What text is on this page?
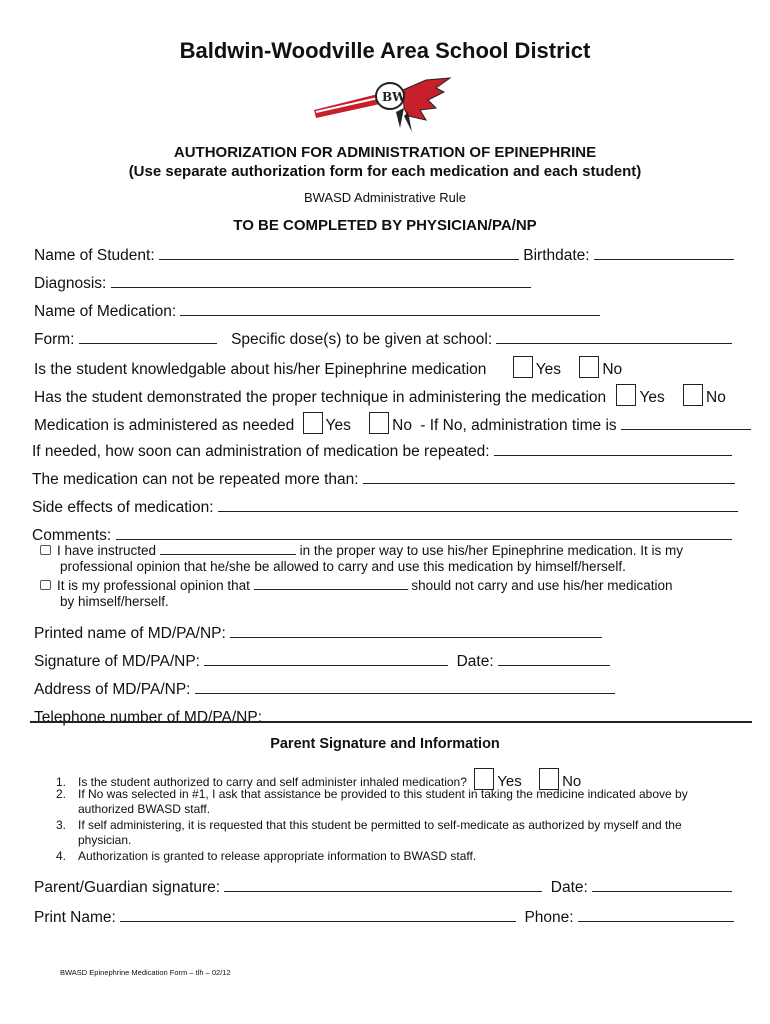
Baldwin-Woodville Area School District
BW
AUTHORIZATION FOR ADMINISTRATION OF EPINEPHRINE
(Use separate authorization form for each medication and each student)
BWASD Administrative Rule
TO BE COMPLETED BY PHYSICIAN/PA/NP
Name of Student:	Birthdate:
Diagnosis:
Name of Medication:
Form:	Specific dose(s) to be given at school:
Is the student knowledgable about his/her Epinephrine medication	Yes	No
Has the student demonstrated the proper technique in administering the medication Yes	No
Medication is administered as needed Yes	No - If No, administration time is
If needed, how soon can administration of medication be repeated:
The medication can not be repeated more than:
Side effects of medication:
Comments:
I have instructed	in the proper way to use his/her Epinephrine medication. It is my
professional opinion that he/she be allowed to carry and use this medication by himself/herself.
It is my professional opinion that	should not carry and use his/her medication
by himself/herself.
Printed name of MD/PA/NP:
Signature of MD/PA/NP:	Date:
Address of MD/PA/NP:
Telephone number of MD/PA/NP:
Parent Signature and Information
1. Is the student authorized to carry and self administer inhaled medication? Yes	No
2. If No was selected in #1, I ask that assistance be provided to this student in taking the medicine indicated above by
authorized BWASD staff.
3. If self administering, it is requested that this student be permitted to self-medicate as authorized by myself and the
physician.
4. Authorization is granted to release appropriate information to BWASD staff.
Parent/Guardian signature:	Date:
Print Name:	Phone:
BWASD Epinephrine Medication Form – tlh – 02/12
